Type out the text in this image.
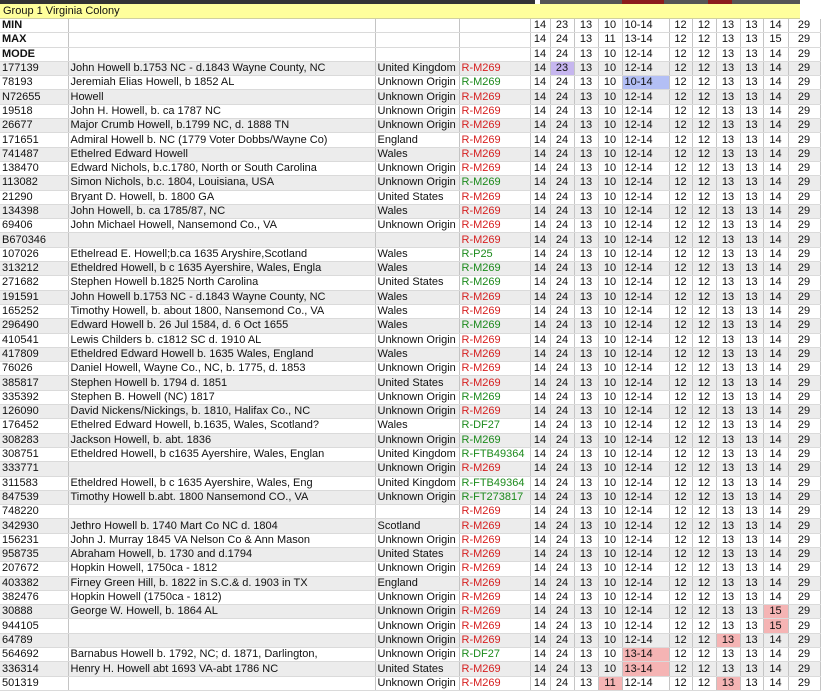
Group 1 Virginia Colony
MIN				14	23	13	10	10-14	12	12	13	13	14	29
MAX				14	24	13	11	13-14	12	12	13	13	15	29
MODE				14	24	13	10	12-14	12	12	13	13	14	29
177139	John Howell b.1753 NC - d.1843 Wayne County, NC	United Kingdom	R-M269	14	23	13	10	12-14	12	12	13	13	14	29
78193	Jeremiah Elias Howell, b 1852 AL	Unknown Origin	R-M269	14	24	13	10	10-14	12	12	13	13	14	29
N72655	Howell	Unknown Origin	R-M269	14	24	13	10	12-14	12	12	13	13	14	29
19518	John H. Howell, b. ca 1787 NC	Unknown Origin	R-M269	14	24	13	10	12-14	12	12	13	13	14	29
26677	Major Crumb Howell, b.1799 NC, d. 1888 TN	Unknown Origin	R-M269	14	24	13	10	12-14	12	12	13	13	14	29
171651	Admiral Howell b. NC (1779 Voter Dobbs/Wayne Co)	England	R-M269	14	24	13	10	12-14	12	12	13	13	14	29
741487	Ethelred Edward Howell	Wales	R-M269	14	24	13	10	12-14	12	12	13	13	14	29
138470	Edward Nichols, b.c.1780, North or South Carolina	Unknown Origin	R-M269	14	24	13	10	12-14	12	12	13	13	14	29
113082	Simon Nichols, b.c. 1804, Louisiana, USA	Unknown Origin	R-M269	14	24	13	10	12-14	12	12	13	13	14	29
21290	Bryant D. Howell, b. 1800 GA	United States	R-M269	14	24	13	10	12-14	12	12	13	13	14	29
134398	John Howell, b. ca 1785/87, NC	Wales	R-M269	14	24	13	10	12-14	12	12	13	13	14	29
69406	John Michael Howell, Nansemond Co., VA	Unknown Origin	R-M269	14	24	13	10	12-14	12	12	13	13	14	29
B670346			R-M269	14	24	13	10	12-14	12	12	13	13	14	29
107026	Ethelread E. Howell;b.ca 1635 Aryshire,Scotland	Wales	R-P25	14	24	13	10	12-14	12	12	13	13	14	29
313212	Etheldred Howell, b c 1635 Ayershire, Wales, Engla	Wales	R-M269	14	24	13	10	12-14	12	12	13	13	14	29
271682	Stephen Howell b.1825 North Carolina	United States	R-M269	14	24	13	10	12-14	12	12	13	13	14	29
191591	John Howell b.1753 NC - d.1843 Wayne County, NC	Wales	R-M269	14	24	13	10	12-14	12	12	13	13	14	29
165252	Timothy Howell, b. about 1800, Nansemond Co., VA	Wales	R-M269	14	24	13	10	12-14	12	12	13	13	14	29
296490	Edward Howell b. 26 Jul 1584, d. 6 Oct 1655	Wales	R-M269	14	24	13	10	12-14	12	12	13	13	14	29
410541	Lewis Childers b. c1812 SC d. 1910 AL	Unknown Origin	R-M269	14	24	13	10	12-14	12	12	13	13	14	29
417809	Etheldred Edward Howell b. 1635 Wales, England	Wales	R-M269	14	24	13	10	12-14	12	12	13	13	14	29
76026	Daniel Howell, Wayne Co., NC, b. 1775, d. 1853	Unknown Origin	R-M269	14	24	13	10	12-14	12	12	13	13	14	29
385817	Stephen Howell b. 1794 d. 1851	United States	R-M269	14	24	13	10	12-14	12	12	13	13	14	29
335392	Stephen B. Howell (NC) 1817	Unknown Origin	R-M269	14	24	13	10	12-14	12	12	13	13	14	29
126090	David Nickens/Nickings, b. 1810, Halifax Co., NC	Unknown Origin	R-M269	14	24	13	10	12-14	12	12	13	13	14	29
176452	Ethelred Edward Howell, b.1635, Wales, Scotland?	Wales	R-DF27	14	24	13	10	12-14	12	12	13	13	14	29
308283	Jackson Howell, b. abt. 1836	Unknown Origin	R-M269	14	24	13	10	12-14	12	12	13	13	14	29
308751	Etheldred Howell, b c1635 Ayershire, Wales, Englan	United Kingdom	R-FTB49364	14	24	13	10	12-14	12	12	13	13	14	29
333771		Unknown Origin	R-M269	14	24	13	10	12-14	12	12	13	13	14	29
311583	Etheldred Howell, b c 1635 Ayershire, Wales, Eng	United Kingdom	R-FTB49364	14	24	13	10	12-14	12	12	13	13	14	29
847539	Timothy Howell b.abt. 1800 Nansemond CO., VA	Unknown Origin	R-FT273817	14	24	13	10	12-14	12	12	13	13	14	29
748220			R-M269	14	24	13	10	12-14	12	12	13	13	14	29
342930	Jethro Howell b. 1740 Mart Co NC d. 1804	Scotland	R-M269	14	24	13	10	12-14	12	12	13	13	14	29
156231	John J. Murray 1845 VA Nelson Co & Ann Mason	Unknown Origin	R-M269	14	24	13	10	12-14	12	12	13	13	14	29
958735	Abraham Howell, b. 1730 and d.1794	United States	R-M269	14	24	13	10	12-14	12	12	13	13	14	29
207672	Hopkin Howell, 1750ca - 1812	Unknown Origin	R-M269	14	24	13	10	12-14	12	12	13	13	14	29
403382	Firney Green Hill, b. 1822 in S.C.& d. 1903 in TX	England	R-M269	14	24	13	10	12-14	12	12	13	13	14	29
382476	Hopkin Howell (1750ca - 1812)	Unknown Origin	R-M269	14	24	13	10	12-14	12	12	13	13	14	29
30888	George W. Howell, b. 1864 AL	Unknown Origin	R-M269	14	24	13	10	12-14	12	12	13	13	15	29
944105		Unknown Origin	R-M269	14	24	13	10	12-14	12	12	13	13	15	29
64789		Unknown Origin	R-M269	14	24	13	10	12-14	12	12	13	13	14	29
564692	Barnabus Howell b. 1792, NC; d. 1871, Darlington,	Unknown Origin	R-DF27	14	24	13	10	13-14	12	12	13	13	14	29
336314	Henry H. Howell abt 1693 VA-abt 1786 NC	United States	R-M269	14	24	13	10	13-14	12	12	13	13	14	29
501319		Unknown Origin	R-M269	14	24	13	11	12-14	12	12	13	13	14	29
